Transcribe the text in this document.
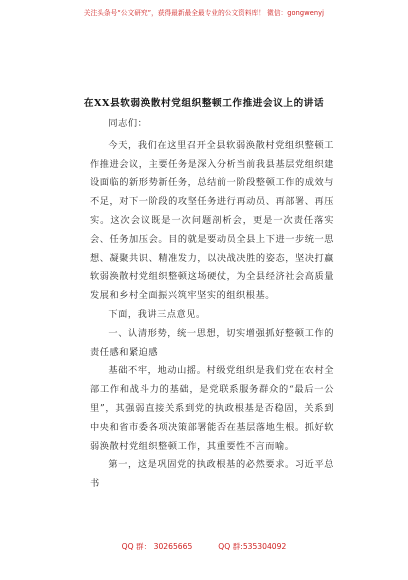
关注头条号“公文研究”，获得最新最全最专业的公文资料库！ 微信：gongwenyj
在XX县软弱涣散村党组织整顿工作推进会议上的讲话

同志们：

今天，我们在这里召开全县软弱涣散村党组织整顿工作推进会议，主要任务是深入分析当前我县基层党组织建设面临的新形势新任务，总结前一阶段整顿工作的成效与不足，对下一阶段的攻坚任务进行再动员、再部署、再压实。这次会议既是一次问题剖析会，更是一次责任落实会、任务加压会。目的就是要动员全县上下进一步统一思想、凝聚共识、精准发力，以决战决胜的姿态，坚决打赢软弱涣散村党组织整顿这场硬仗，为全县经济社会高质量发展和乡村全面振兴筑牢坚实的组织根基。

下面，我讲三点意见。

一、认清形势，统一思想，切实增强抓好整顿工作的责任感和紧迫感

基础不牢，地动山摇。村级党组织是我们党在农村全部工作和战斗力的基础，是党联系服务群众的“最后一公里”，其强弱直接关系到党的执政根基是否稳固，关系到中央和省市委各项决策部署能否在基层落地生根。抓好软弱涣散村党组织整顿工作，其重要性不言而喻。

第一，这是巩固党的执政根基的必然要求。习近平总书

QQ 群： 30265665	QQ 群:535304092
